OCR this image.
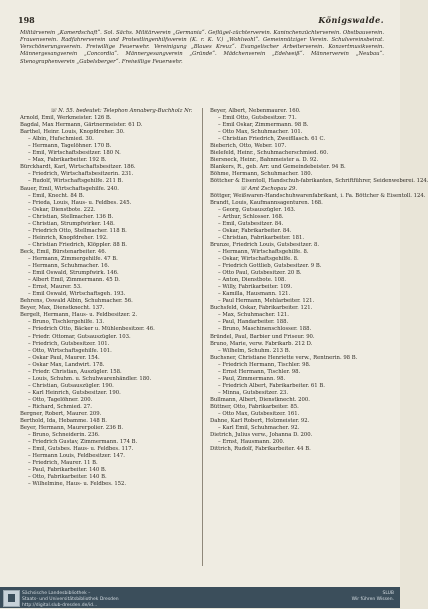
198	Königswalde.
Militärverein „Kamerdschaft“. Sol. Sächs. Militärverein „Germania“. Geflügel-züchterverein. Kaninchenzüchterverein. Obstbauverein. Frauenverein. Radfahrerverein und Protestlingenhilfsverein (K. r. K. V.) „Wohlwohl“. Gemeinnütziger Verein. Schulvereinsbeirat. Verschönerungsverein. Freiwillige Feuerwehr. Vereinigung „Blaues Kreuz“. Evangelischer Arbeiterverein. Konzertmusikverein. Männergesangverein „Concordia“. Männergesangverein „Gründe“. Mädchenverein „Edelweiß“. Männerverein „Neubau“. Stenographenverein „Gabelsberger“. Freiwillige Feuerwehr.
☏ N. 55. bedeutet: Telephon Annaberg-Buchholz Nr.
Arnold, Emil, Werkmeister. 126 B.
Bagdal, Max Hermann, Gärtnermeister. 61 D.
Barthel, Heinr. Louis, Knopfdreher. 30.
– Albin, Hufschmied. 30.
– Hermann, Tagelöhner. 170 B.
– Emil, Wirtschaftsbesitzer. 180 N.
– Max, Fabrikarbeiter. 192 B.
Bürckhardt, Karl, Wirtschaftsbesitzer. 186.
– Friedrich, Wirtschaftsbesitzerin. 231.
– Rudolf, Wirtschaftsgehilfe. 211 B.
Bauer, Emil, Wirtschaftsgehilfe. 240.
– Emil, Knecht. 84 B.
– Frieda, Louis, Haus- u. Feldbes. 245.
– Oskar, Dienstbote. 222.
– Christian, Stellmacher. 136 B.
– Christian, Strumpfwirker. 148.
– Friedrich Otto, Stellmacher. 118 B.
– Heinrich, Knopfdreher. 192.
– Christian Friedrich, Klöppler. 88 B.
Beck, Emil, Bürstenarbeiter. 46.
– Hermann, Zimmergehilfe. 47 B.
– Hermann, Schuhmacher. 16.
– Emil Oswald, Strumpfwirk. 146.
– Albert Emil, Zimmermann. 45 D.
– Ernst, Maurer. 53.
– Emil Oswald, Wirtschaftsgeh. 193.
Behrens, Oswald Albin, Schuhmacher. 56.
Beyer, Max, Dienstknecht. 137.
Bergelt, Hermann, Haus- u. Feldbesitzer. 2.
– Bruno, Tischlergehilfe. 13.
– Friedrich Otto, Bäcker u. Mühlenbesitzer. 46.
– Friedr. Ottomar, Gutsauszügler. 103.
– Friedrich, Gutsbesitzer. 101.
– Otto, Wirtschaftsgehilfe. 101.
– Oskar Paul, Maurer. 154.
– Oskar Max, Landwirt. 178.
– Friedr. Christian, Auszügler. 158.
– Louis, Schuhm. u. Schuhwarenhändler. 180.
– Christian, Gutsauszügler. 190.
– Karl Heinrich, Gutsbesitzer. 190.
– Otto, Tagelöhner. 200.
– Richard, Schmied. 27.
Bergner, Robert, Maurer. 209.
Berthold, Ida, Hebamme. 148 B.
Beyer, Hermann, Maurerpolier. 236 B.
– Bruno, Schneiderin. 236.
– Friedrich Gustav, Zimmermann. 174 B.
– Emil, Gutsbes. Haus- u. Feldbes. 117.
– Hermann Louis, Feldbesitzer. 147.
– Friedrich, Maurer. 11 B.
– Paul, Fabrikarbeiter. 140 B.
– Otto, Fabrikarbeiter. 140 B.
– Wilhelmine, Haus- u. Feldbes. 152.
Beyer, Albert, Nebenmaurer. 160.
– Emil Otto, Gutsbesitzer. 71.
– Emil Oskar, Zimmermann. 98 B.
– Otto Max, Schuhmacher. 101.
– Christian Friedrich, Zweifllasch. 61 C.
Bieberich, Otto, Weber. 107.
Bielefeld, Heinr., Schuhmacherschmied. 60.
Biersneck, Heinr., Bahnmeister a. D. 92.
Blankers, R., geb. Arr. und Gemeindebeister. 94 B.
Böhme, Hermann, Schuhmacher. 180.
Böttcher & Eisentoll, Handschuh-fabrikanten, Schriftführer, Seidenweberei. 124.
☏ Amt Zschopau 29.
Böttger, Weißwaren-Handschuhwarenfabrikant, i. Fa. Böttcher & Eisentoll. 124.
Brandt, Louis, Kaufmannsagenturen. 168.
– Georg, Gutsauszügler. 163.
– Arthur, Schlosser. 168.
– Emil, Gutsbesitzer. 84.
– Oskar, Fabrikarbeiter. 84.
– Christian, Fabrikarbeiter. 181.
Brunze, Friedrich Louis, Gutsbesitzer. 8.
– Hermann, Wirtschaftsgehilfe. 8.
– Oskar, Wirtschaftsgehilfe. 8.
– Friedrich Gottlieb, Gutsbesitzer. 9 B.
– Otto Paul, Gutsbesitzer. 20 B.
– Anton, Dienstbote. 108.
– Willy, Fabrikarbeiter. 109.
– Kamilla, Hausmann. 121.
– Paul Hermann, Mehlarbeiter. 121.
Buchsfeld, Oskar, Fabrikarbeiter. 121.
– Max, Schuhmacher. 121.
– Paul, Handarbeiter. 188.
– Bruno, Maschinenschlosser. 188.
Bründel, Paul, Barbier und Friseur. 90.
Bruno, Marie, verw. Fabrikarb. 212 D.
– Wilhelm, Schuhm. 213 B.
Buchsner, Christiane Henriette verw., Rentnerin. 98 B.
– Friedrich Hermann, Tischler. 98.
– Ernst Hermann, Tischler. 98.
– Paul, Zimmermann. 98.
– Friedrich Albert, Fabrikarbeiter. 61 B.
– Minna, Gutsbesitzer. 23.
Bullmann, Albert, Dienstknecht. 200.
Büttner, Otto, Fabrikarbeiter. 85.
– Otto Max, Gutsbesitzer. 161.
Dahne, Karl Robert, Holzmeister. 92.
– Karl Emil, Schuhmacher. 92.
Dietrich, Julius verw., Johanna D. 200.
– Ernst, Hausmann. 200.
Dittrich, Rudolf, Fabrikarbeiter. 44 B.
Sächsische Landesbibliothek –
Staats- und Universitätsbibliothek Dresden
http://digital.slub-dresden.de/id...
SLUB
Wir führen Wissen.
